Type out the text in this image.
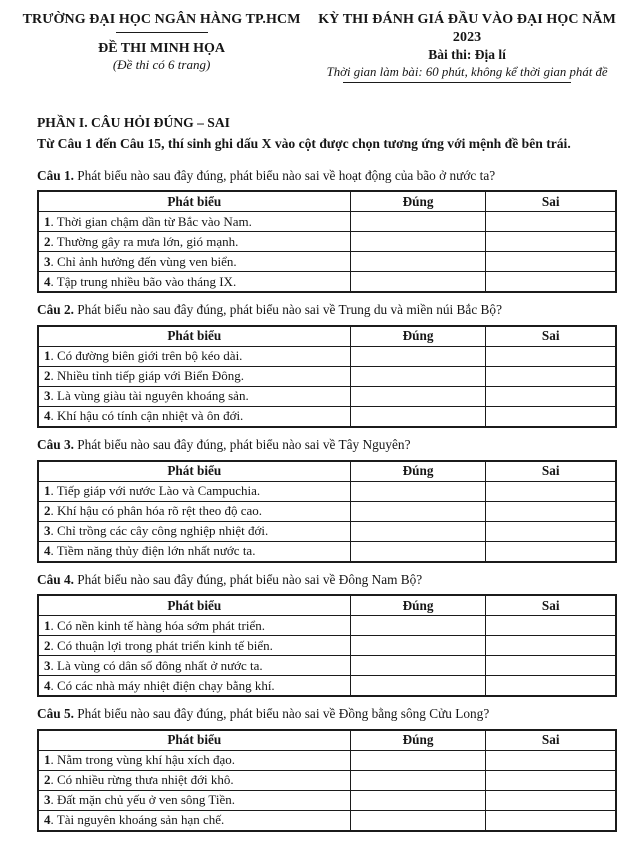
TRƯỜNG ĐẠI HỌC NGÂN HÀNG TP.HCM
ĐỀ THI MINH HỌA
(Đề thi có 6 trang)
KỲ THI ĐÁNH GIÁ ĐẦU VÀO ĐẠI HỌC NĂM 2023
Bài thi: Địa lí
Thời gian làm bài: 60 phút, không kể thời gian phát đề

PHẦN I. CÂU HỎI ĐÚNG – SAI

Từ Câu 1 đến Câu 15, thí sinh ghi dấu X vào cột được chọn tương ứng với mệnh đề bên trái.

Câu 1. Phát biểu nào sau đây đúng, phát biểu nào sai về hoạt động của bão ở nước ta?

Phát biểu	Đúng	Sai
1. Thời gian chậm dần từ Bắc vào Nam.		
2. Thường gây ra mưa lớn, gió mạnh.		
3. Chỉ ảnh hưởng đến vùng ven biển.		
4. Tập trung nhiều bão vào tháng IX.		

Câu 2. Phát biểu nào sau đây đúng, phát biểu nào sai về Trung du và miền núi Bắc Bộ?

Phát biểu	Đúng	Sai
1. Có đường biên giới trên bộ kéo dài.		
2. Nhiều tỉnh tiếp giáp với Biển Đông.		
3. Là vùng giàu tài nguyên khoáng sản.		
4. Khí hậu có tính cận nhiệt và ôn đới.		

Câu 3. Phát biểu nào sau đây đúng, phát biểu nào sai về Tây Nguyên?

Phát biểu	Đúng	Sai
1. Tiếp giáp với nước Lào và Campuchia.		
2. Khí hậu có phân hóa rõ rệt theo độ cao.		
3. Chỉ trồng các cây công nghiệp nhiệt đới.		
4. Tiềm năng thủy điện lớn nhất nước ta.		

Câu 4. Phát biểu nào sau đây đúng, phát biểu nào sai về Đông Nam Bộ?

Phát biểu	Đúng	Sai
1. Có nền kinh tế hàng hóa sớm phát triển.		
2. Có thuận lợi trong phát triển kinh tế biển.		
3. Là vùng có dân số đông nhất ở nước ta.		
4. Có các nhà máy nhiệt điện chạy bằng khí.		

Câu 5. Phát biểu nào sau đây đúng, phát biểu nào sai về Đồng bằng sông Cửu Long?

Phát biểu	Đúng	Sai
1. Nằm trong vùng khí hậu xích đạo.		
2. Có nhiều rừng thưa nhiệt đới khô.		
3. Đất mặn chủ yếu ở ven sông Tiền.		
4. Tài nguyên khoáng sản hạn chế.		
